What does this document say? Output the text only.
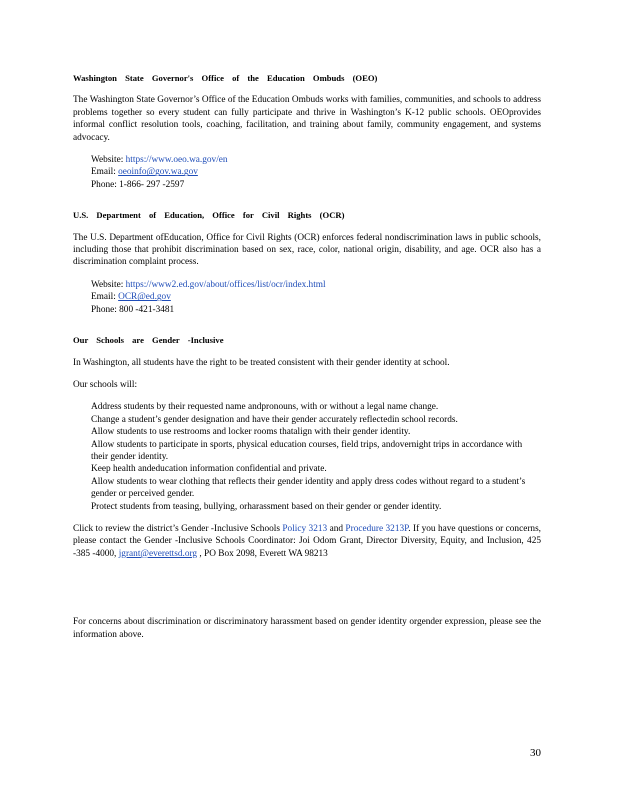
Washington State Governor's Office of the Education Ombuds (OEO)

The Washington State Governor’s Office of the Education Ombuds works with families, communities, and schools to address problems together so every student can fully participate and thrive in Washington’s K-12 public schools. OEOprovides informal conflict resolution tools, coaching, facilitation, and training about family, community engagement, and systems advocacy.

Website: https://www.oeo.wa.gov/en
Email: oeoinfo@gov.wa.gov
Phone: 1-866- 297 -2597

U.S. Department of Education, Office for Civil Rights (OCR)

The U.S. Department ofEducation, Office for Civil Rights (OCR) enforces federal nondiscrimination laws in public schools, including those that prohibit discrimination based on sex, race, color, national origin, disability, and age. OCR also has a discrimination complaint process.

Website: https://www2.ed.gov/about/offices/list/ocr/index.html
Email: OCR@ed.gov
Phone: 800 -421-3481

Our Schools are Gender -Inclusive

In Washington, all students have the right to be treated consistent with their gender identity at school.

Our schools will:

Address students by their requested name andpronouns, with or without a legal name change.
Change a student’s gender designation and have their gender accurately reflectedin school records.
Allow students to use restrooms and locker rooms thatalign with their gender identity.
Allow students to participate in sports, physical education courses, field trips, andovernight trips in accordance with their gender identity.
Keep health andeducation information confidential and private.
Allow students to wear clothing that reflects their gender identity and apply dress codes without regard to a student’s gender or perceived gender.
Protect students from teasing, bullying, orharassment based on their gender or gender identity.

Click to review the district’s Gender -Inclusive Schools Policy 3213 and Procedure 3213P. If you have questions or concerns, please contact the Gender -Inclusive Schools Coordinator: Joi Odom Grant, Director Diversity, Equity, and Inclusion, 425 -385 -4000, jgrant@everettsd.org , PO Box 2098, Everett WA 98213

For concerns about discrimination or discriminatory harassment based on gender identity orgender expression, please see the information above.

30
